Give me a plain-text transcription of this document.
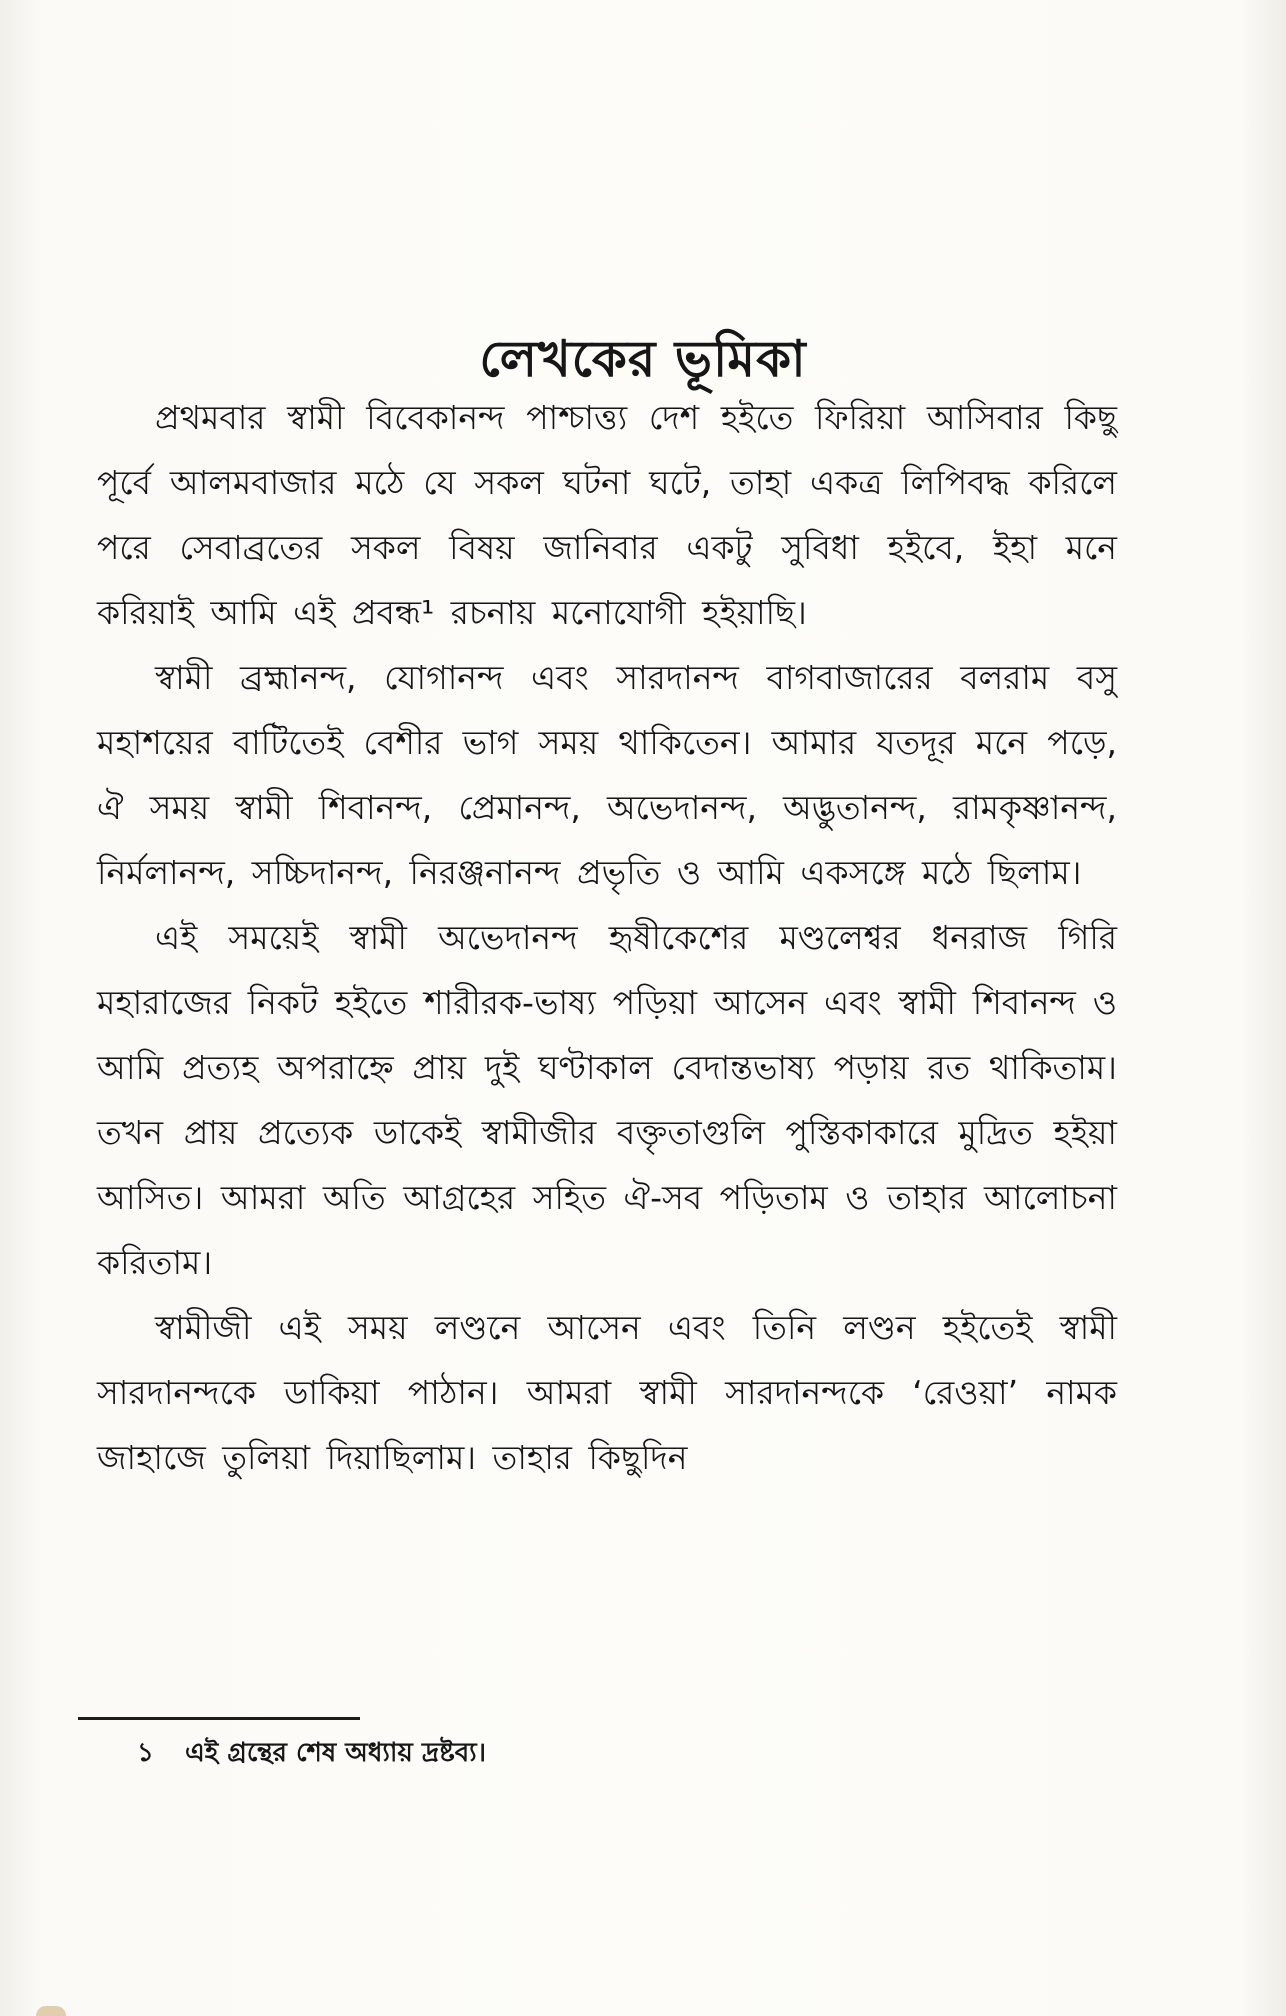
লেখকের ভূমিকা

প্রথমবার স্বামী বিবেকানন্দ পাশ্চাত্ত্য দেশ হইতে ফিরিয়া আসিবার কিছু পূর্বে আলমবাজার মঠে যে সকল ঘটনা ঘটে, তাহা একত্র লিপিবদ্ধ করিলে পরে সেবাব্রতের সকল বিষয় জানিবার একটু সুবিধা হইবে, ইহা মনে করিয়াই আমি এই প্রবন্ধ¹ রচনায় মনোযোগী হইয়াছি।

স্বামী ব্রহ্মানন্দ, যোগানন্দ এবং সারদানন্দ বাগবাজারের বলরাম বসু মহাশয়ের বাটিতেই বেশীর ভাগ সময় থাকিতেন। আমার যতদূর মনে পড়ে, ঐ সময় স্বামী শিবানন্দ, প্রেমানন্দ, অভেদানন্দ, অদ্ভুতানন্দ, রামকৃষ্ণানন্দ, নির্মলানন্দ, সচ্চিদানন্দ, নিরঞ্জনানন্দ প্রভৃতি ও আমি একসঙ্গে মঠে ছিলাম।

এই সময়েই স্বামী অভেদানন্দ হৃষীকেশের মণ্ডলেশ্বর ধনরাজ গিরি মহারাজের নিকট হইতে শারীরক-ভাষ্য পড়িয়া আসেন এবং স্বামী শিবানন্দ ও আমি প্রত্যহ অপরাহ্নে প্রায় দুই ঘণ্টাকাল বেদান্তভাষ্য পড়ায় রত থাকিতাম। তখন প্রায় প্রত্যেক ডাকেই স্বামীজীর বক্তৃতাগুলি পুস্তিকাকারে মুদ্রিত হইয়া আসিত। আমরা অতি আগ্রহের সহিত ঐ-সব পড়িতাম ও তাহার আলোচনা করিতাম।

স্বামীজী এই সময় লণ্ডনে আসেন এবং তিনি লণ্ডন হইতেই স্বামী সারদানন্দকে ডাকিয়া পাঠান। আমরা স্বামী সারদানন্দকে ‘রেওয়া’ নামক জাহাজে তুলিয়া দিয়াছিলাম। তাহার কিছুদিন

১ এই গ্রন্থের শেষ অধ্যায় দ্রষ্টব্য।
